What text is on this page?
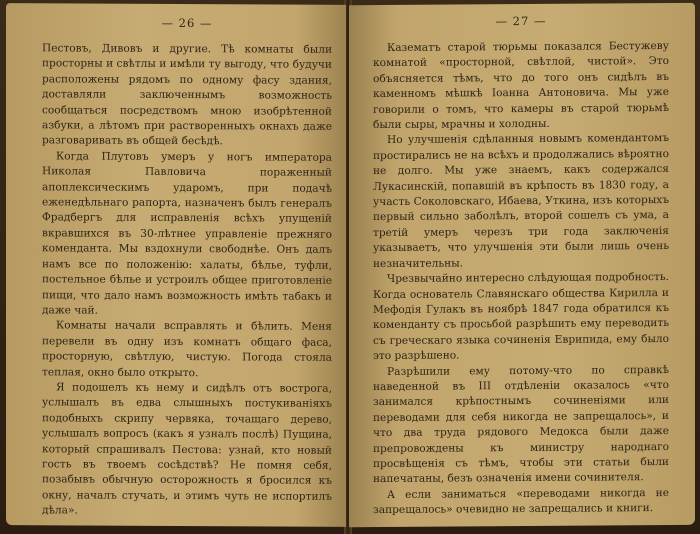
— 26 —

Пестовъ, Дивовъ и другие. Тѣ комнаты были просторны и свѣтлы и имѣли ту выгоду, что будучи расположены рядомъ по одному фасу здания, доставляли заключеннымъ возможность сообщаться посредствомъ мною изобрѣтенной азбуки, а лѣтомъ при растворенныхъ окнахъ даже разговаривать въ общей бесѣдѣ.

Когда Плутовъ умеръ у ногъ императора Николая Павловича пораженный апоплексическимъ ударомъ, при подачѣ еженедѣльнаго рапорта, назначенъ былъ генералъ Фрадбергъ для исправленія всѣхъ упущеній вкравшихся въ 30-лѣтнее управленіе прежняго коменданта. Мы вздохнули свободнѣе. Онъ далъ намъ все по положенію: халаты, бѣлье, туфли, постельное бѣлье и устроилъ общее приготовленіе пищи, что дало намъ возможность имѣть табакъ и даже чай.

Комнаты начали всправлять и бѣлить. Меня перевели въ одну изъ комнатъ общаго фаса, просторную, свѣтлую, чистую. Погода стояла теплая, окно было открыто.

Я подошелъ къ нему и сидѣлъ отъ вострога, услышалъ въ едва слышныхъ постукиванiяхъ подобныхъ скрипу червяка, точащаго дерево, услышалъ вопросъ (какъ я узналъ послѣ) Пущина, который спрашивалъ Пестова: узнай, кто новый гость въ твоемъ сосѣдствѣ? Не помня себя, позабывъ обычную осторожность я бросился къ окну, началъ стучать, и этимъ чуть не испортилъ дѣла».

— 27 —

Казематъ старой тюрьмы показался Бестужеву комнатой «просторной, свѣтлой, чистой». Это объясняется тѣмъ, что до того онъ сидѣлъ въ каменномъ мѣшкѣ Іоанна Антоновича. Мы уже говорили о томъ, что камеры въ старой тюрьмѣ были сыры, мрачны и холодны.

Но улучшенія сдѣланныя новымъ комендантомъ простирались не на всѣхъ и продолжались вѣроятно не долго. Мы уже знаемъ, какъ содержался Лукасинскій, попавшій въ крѣпость въ 1830 году, а участь Соколовскаго, Ибаева, Уткина, изъ которыхъ первый сильно заболѣлъ, второй сошелъ съ ума, а третій умеръ черезъ три года заключенія указываетъ, что улучшенія эти были лишь очень незначительны.

Чрезвычайно интересно слѣдующая подробность. Когда основатель Славянскаго общества Кирилла и Мефодія Гулакъ въ ноябрѣ 1847 года обратился къ коменданту съ просьбой разрѣшить ему переводить съ греческаго языка сочиненія Еврипида, ему было это разрѣшено.

Разрѣшили ему потому-что по справкѣ наведенной въ III отдѣленіи оказалось «что занимался крѣпостнымъ сочиненіями или переводами для себя никогда не запрещалось», и что два труда рядового Медокса были даже препровождены къ министру народнаго просвѣщенія съ тѣмъ, чтобы эти статьи были напечатаны, безъ означенія имени сочинителя.

А если заниматься «переводами никогда не запрещалось» очевидно не запрещались и книги.
